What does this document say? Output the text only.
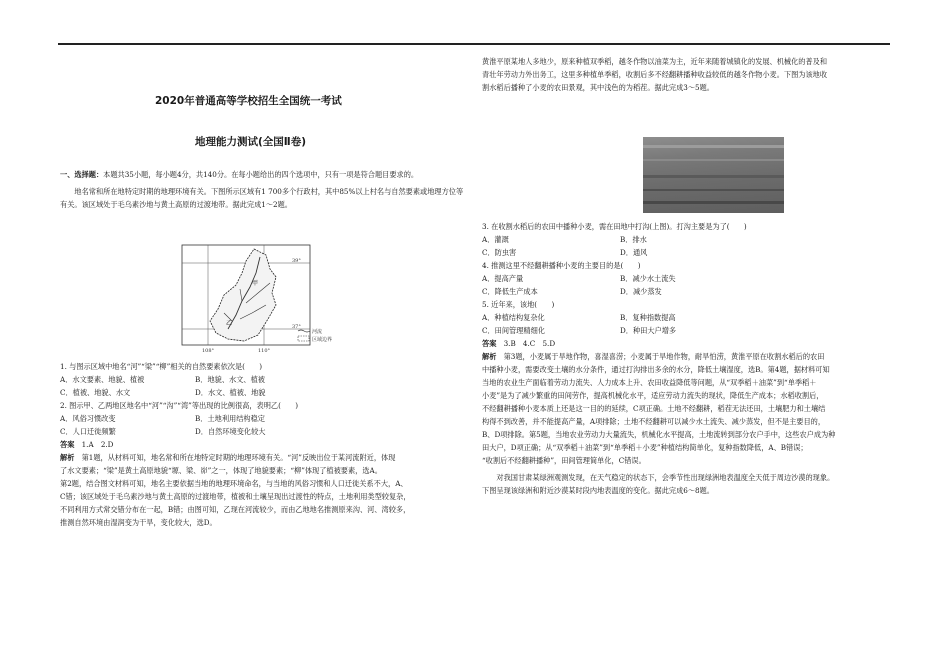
2020年普通高等学校招生全国统一考试
地理能力测试(全国Ⅱ卷)

一、选择题：本题共35小题，每小题4分，共140分。在每小题给出的四个选项中，只有一项是符合题目要求的。

地名常和所在地特定时期的地理环境有关。下图所示区域有1 700多个行政村，其中85%以上村名与自然要素或地理方位等有关。该区域处于毛乌素沙地与黄土高原的过渡地带。据此完成1～2题。

甲
乙
39°
37°
108°	110°
河流
区域边界

1. 与图示区域中地名“河”“梁”“柳”相关的自然要素依次是(　　)

A．水文要素、地貌、植被	B．地貌、水文、植被
C．植被、地貌、水文	D．水文、植被、地貌

2. 图示甲、乙两地区地名中“河”“沟”“湾”等出现的比例很高，表明乙(　　)

A．风俗习惯改变	B．土地利用结构稳定
C．人口迁徙频繁	D．自然环境变化较大

答案　 1.A　2.D

解析　 第1题，从材料可知，地名常和所在地特定时期的地理环境有关。“河”反映出位于某河流附近，体现

了水文要素；“梁”是黄土高原地貌“塬、梁、峁”之一，体现了地貌要素；“柳”体现了植被要素，选A。

第2题，结合图文材料可知，地名主要依据当地的地理环境命名，与当地的风俗习惯和人口迁徙关系不大，A、

C错；该区域处于毛乌素沙地与黄土高原的过渡地带，植被和土壤呈现出过渡性的特点，土地利用类型较复杂，

不同利用方式常交错分布在一起，B错；由图可知，乙现在河流较少，而由乙地地名推测原来沟、河、湾较多，

推测自然环境由湿润变为干旱，变化较大，选D。

黄淮平原某地人多地少，原来种植双季稻，越冬作物以油菜为主，近年来随着城镇化的发展、机械化的普及和

青壮年劳动力外出务工，这里多种植单季稻，收割后多不经翻耕播种收益较低的越冬作物小麦。下图为该地收

割水稻后播种了小麦的农田景观，其中浅色的为稻茬。据此完成3～5题。

3. 在收割水稻后的农田中播种小麦，需在田地中打沟(上图)。打沟主要是为了(　　)

A．灌溉	B．排水
C．防虫害	D．通风

4. 推测这里不经翻耕播种小麦的主要目的是(　　)

A．提高产量	B．减少水土流失
C．降低生产成本	D．减少蒸发

5. 近年来，该地(　　)

A．种植结构复杂化	B．复种指数提高
C．田间管理精细化	D．种田大户增多

答案　 3.B　4.C　5.D

解析　 第3题，小麦属于旱地作物，喜湿喜涝；小麦属于旱地作物，耐旱怕涝，黄淮平原在收割水稻后的农田

中播种小麦，需要改变土壤的水分条件，通过打沟排出多余的水分，降低土壤湿度，选B。第4题，据材料可知

当地的农业生产面临着劳动力流失、人力成本上升、农田收益降低等问题，从“双季稻＋油菜”到“单季稻＋

小麦”是为了减少繁重的田间劳作，提高机械化水平，适应劳动力流失的现状，降低生产成本；水稻收割后，

不经翻耕播种小麦本质上还是这一目的的延续，C项正确。土地不经翻耕，稻茬无法还田，土壤肥力和土壤结

构得不到改善，并不能提高产量，A项排除；土地不经翻耕可以减少水土流失、减少蒸发，但不是主要目的，

B、D项排除。第5题，当地农业劳动力大量流失，机械化水平提高，土地流转到部分农户手中，这些农户成为种

田大户，D项正确；从“双季稻＋油菜”到“单季稻＋小麦”种植结构简单化，复种指数降低，A、B错误；

“收割后不经翻耕播种”，田间管理简单化，C错误。

对我国甘肃某绿洲观测发现，在天气稳定的状态下，会季节性出现绿洲地表温度全天低于周边沙漠的现象。

下图呈现该绿洲和附近沙漠某时段内地表温度的变化。据此完成6～8题。
